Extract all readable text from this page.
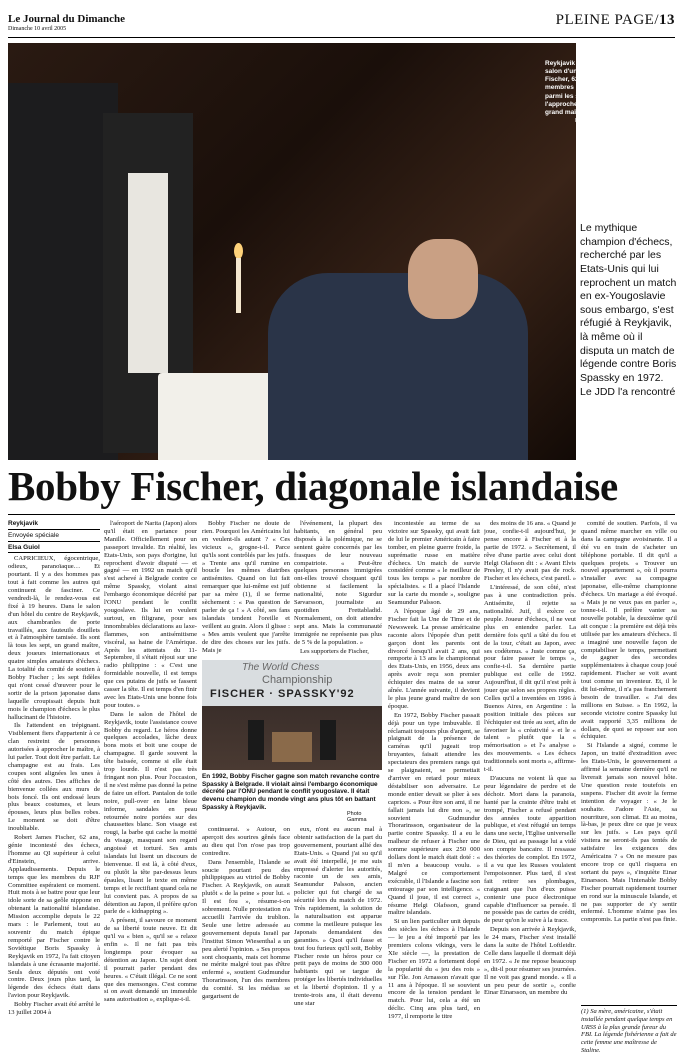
Le Journal du Dimanche
Dimanche 10 avril 2005
PLEINE PAGE/13
Reykjavik (Islande), le 2 avril. Dans le salon d'un hôtel du centre-ville, Bobby Fischer, 62 ans, et quelques-uns des membres de son comité de soutien, parmi les seules personnes à pouvoir l'approcher. Au centre, Helgi Olafsson, grand maître islandais.
Photo Eric Dessons/JDD
Le mythique champion d'échecs, recherché par les Etats-Unis qui lui reprochent un match en ex-Yougoslavie sous embargo, s'est réfugié à Reykjavik, là même où il disputa un match de légende contre Boris Spassky en 1972. Le JDD l'a rencontré
Bobby Fischer, diagonale islandaise
Reykjavik
Envoyée spéciale
Elsa Guiol

CAPRICIEUX, égocentrique, odieux, paranoïaque… Et pourtant. Il y a des hommes pas tout à fait comme les autres qui continuent de fasciner. Ce vendredi-là, le rendez-vous est fixé à 19 heures. Dans le salon d'un hôtel du centre de Reykjavik, aux chambranles de porte travaillés, aux fauteuils douillets et à l'atmosphère tamisée. Ils sont là tous les sept, un grand maître, deux joueurs internationaux et quatre simples amateurs d'échecs. La totalité du comité de soutien à Bobby Fischer ; les sept fidèles qui n'ont cessé d'œuvrer pour le sortir de la prison japonaise dans laquelle croupissait depuis huit mois le champion d'échecs le plus hallucinant de l'histoire.

Ils l'attendent en trépignant. Visiblement fiers d'appartenir à ce clan restreint de personnes autorisées à approcher le maître, à lui parler. Tout doit être parfait. Le champagne est au frais. Les coupes sont alignées les unes à côté des autres. Des affiches de bienvenue collées aux murs de bois foncé. Ils ont endossé leurs plus beaux costumes, et leurs épouses, leurs plus belles robes. Le moment se doit d'être inoubliable.

Robert James Fischer, 62 ans, génie incontesté des échecs, l'homme au QI supérieur à celui d'Einstein, arrive. Applaudissements. Depuis le temps que les membres du RJF Committee espéraient ce moment. Huit mois à se battre pour que leur idole sorte de sa geôle nippone en obtenant la nationalité islandaise. Mission accomplie depuis le 22 mars : le Parlement, tout au souvenir du match épique remporté par Fischer contre le Soviétique Boris Spassky à Reykjavik en 1972, l'a fait citoyen islandais à une écrasante majorité. Seuls deux députés ont voté contre. Deux jours plus tard, la légende des échecs était dans l'avion pour Reykjavik.

Bobby Fischer avait été arrêté le 13 juillet 2004 à

l'aéroport de Narita (Japon) alors qu'il était en partance pour Manille. Officiellement pour un passeport invalide. En réalité, les Etats-Unis, son pays d'origine, lui reprochent d'avoir disputé — et gagné — en 1992 un match qu'il s'est achevé à Belgrade contre ce même Spassky, violant ainsi l'embargo économique décrété par l'ONU pendant le conflit yougoslave. Ils lui en veulent surtout, en filigrane, pour ses innombrables déclarations au laxe-flammes, son antisémitisme viscéral, sa haine de l'Amérique. Après les attentats du 11-Septembre, il s'était réjoui sur une radio philippine : « C'est une formidable nouvelle, il est temps que ces putains de juifs se fassent casser la tête. Il est temps d'en finir avec les Etats-Unis une bonne fois pour toutes. »

Dans le salon de l'hôtel de Reykjavik, toute l'assistance couve Bobby du regard. Le héros donne quelques accolades, lâche deux bons mots et boit une coupe de champagne. Il garde souvent la tête baissée, comme si elle était trop lourde. Il n'est pas très fringant non plus. Pour l'occasion, il ne s'est même pas donné la peine de faire un effort. Pantalon de toile noire, pull-over en laine bleue informe, sandales en peau retournée noire portées sur des chaussettes blanc. Son visage est rougi, la barbe qui cache la moitié du visage, masquant son regard angoissé et torturé. Ses amis islandais lui lisent un discours de bienvenue. Il est là, à côté d'eux, ou plutôt la tête par-dessus leurs épaules, lisant le texte en même temps et le rectifiant quand cela ne lui convient pas. A propos de sa détention au Japon, il préfère qu'on parle de « kidnapping ».

A présent, il savoure ce moment de sa liberté toute neuve. Et dit qu'il va « bien », qu'il se « relaxe enfin ». Il ne fait pas très longtemps pour évoquer sa détention au Japon. Un sujet dont il pourrait parler pendant des heures. « C'était illégal. Ce ne sont que des mensonges. C'est comme si on avait demandé un immeuble sans autorisation », explique-t-il.

Bobby Fischer ne doute de rien. Pourquoi les Américains lui en veulent-ils autant ? « Ces vicieux », grogne-t-il. Parce qu'ils sont contrôlés par les juifs. » Trente ans qu'il rumine en boucle les mêmes diatribes antisémites. Quand on lui fait remarquer que lui-même est juif par sa mère (1), il se ferme sèchement : « Pas question de parler de ça ! » A côté, ses fans islandais tendent l'oreille et veillent au grain. Alors il glisse : « Mes amis veulent que j'arrête de dire des choses sur les juifs. Mais je

continuerai. » Autour, on aperçoit des sourires gênés face au dieu qui l'on n'ose pas trop contredire.

Dans l'ensemble, l'Islande se soucie pourtant peu des philippiques au vitriol de Bobby Fischer. A Reykjavik, on aurait plutôt « de la peine » pour lui. « Il est fou », résume-t-on sobrement. Nulle protestation n'a accueilli l'arrivée du trublion. Seule une lettre adressée au gouvernement depuis Israël par l'institut Simon Wiesenthal a un peu alerté l'opinion. « Ses propos sont choquants, mais cet homme ne mérite malgré tout pas d'être enfermé », soutient Gudmundur Thorarinsson, l'un des membres du comité. Si les médias se gargarisent de

l'événement, la plupart des habitants, en général peu disposés à la polémique, ne se sentent guère concernés par les frasques de leur nouveau compatriote. « Peut-être quelques personnes immigrées ont-elles trouvé choquant qu'il obtienne si facilement la nationalité, note Sigurdur Sævarsson, journaliste au quotidien Frettabladid. Normalement, on doit attendre sept ans. Mais la communauté immigrée ne représente pas plus de 5 % de la population. »

Les supporters de Fischer,

eux, n'ont eu aucun mal à obtenir satisfaction de la part du gouvernement, pourtant allié des Etats-Unis. « Quand j'ai su qu'il avait été interpellé, je me suis empressé d'alerter les autorités, raconte un de ses amis, Seamundur Palsson, ancien policier qui fut chargé de sa sécurité lors du match de 1972. Très rapidement, la solution de la naturalisation est apparue comme la meilleure puisque les Japonais demandaient des garanties. » Quoi qu'il fasse et tout fou furieux qu'il soit, Bobby Fischer reste un héros pour ce petit pays de moins de 300 000 habitants qui se targue de protéger les libertés individuelles et la liberté d'opinion. Il y a trente-trois ans, il était devenu une star

The World Chess
Championship
FISCHER · SPASSKY'92
En 1992, Bobby Fischer gagne son match revanche contre Spassky à Belgrade. Il violait ainsi l'embargo économique décrété par l'ONU pendant le conflit yougoslave. Il était devenu champion du monde vingt ans plus tôt en battant Spassky à Reykjavik.
Photo Gamma

incontestée au terme de sa victoire sur Spassky, qui avait fait de lui le premier Américain à faire tomber, en pleine guerre froide, la suprématie russe en matière d'échecs. Un match de survie considéré comme « le meilleur de tous les temps » par nombre de spécialistes. « Il a placé l'Islande sur la carte du monde », souligne Seamundur Palsson.

A l'époque âgé de 29 ans, Fischer fait la Une de Time et de Newsweek. La presse américaine raconte alors l'épopée d'un petit garçon dont les parents ont divorcé lorsqu'il avait 2 ans, qui remporte à 13 ans le championnat des Etats-Unis, en 1956, deux ans après avoir reçu son premier échiquier des mains de sa sœur aînée. L'année suivante, il devient le plus jeune grand maître de son époque.

En 1972, Bobby Fischer passait déjà pour un type imbuvable. Il réclamait toujours plus d'argent, se plaignait de la présence de caméras qu'il jugeait trop bruyantes, faisait attendre les spectateurs des premiers rangs qui se plaignaient, se permettait d'arriver en retard pour mieux déstabiliser son adversaire. Le monde entier devait se plier à ses caprices. « Pour être son ami, il ne fallait jamais lui dire non », se souvient Gudmundur Thorarinsson, organisateur de la partie contre Spassky. Il a eu le malheur de refuser à Fischer une somme supérieure aux 250 000 dollars dont le match était doté : « Il m'en a beaucoup voulu. » Malgré ce comportement exécrable, il l'Islande a fascine son entourage par son intelligence. « Quand il joue, il est correct », résume Helgi Olafsson, grand maître islandais.

Si un lien particulier unit depuis des siècles les échecs à l'Islande — le jeu a été importé par les premiers colons vikings, vers le XIe siècle —, la prestation de Fischer en 1972 a fortement dopé la popularité du « jeu des rois » sur l'île. Jon Arnasson n'avait que 11 ans à l'époque. Il se souvient encore de la tension pendant le match. Pour lui, cela a été un déclic. Cinq ans plus tard, en 1977, il remporte le titre

des moins de 16 ans. « Quand je joue, confie-t-il aujourd'hui, je pense encore à Fischer et à la partie de 1972. » Secrètement, il rêve d'une partie avec celui dont Helgi Olafsson dit : « Avant Elvis Presley, il n'y avait pas de rock. Fischer et les échecs, c'est pareil. »

L'intéressé, de son côté, n'est pas à une contradiction près. Antisémite, il rejette sa nationalité. Juif, il exècre ce peuple. Joueur d'échecs, il ne veut plus en entendre parler. La dernière fois qu'il a tâté du fou et de la tour, c'était au Japon, avec ses codétenus. « Juste comme ça, pour faire passer le temps », confie-t-il. Sa dernière partie publique est celle de 1992. Aujourd'hui, il dit qu'il n'est prêt à jouer que selon ses propres règles. Celles qu'il a inventées en 1996 à Buenos Aires, en Argentine : la position initiale des pièces sur l'échiquier est tirée au sort, afin de favoriser la « créativité » et le « talent » plutôt que la « mémorisation » et l'« analyse » des mouvements. « Les échecs traditionnels sont morts », affirme-t-il.

D'aucuns ne voient là que sa peur légendaire de perdre et de déchoir. Mort dans la paranoïa, hanté par la crainte d'être trahi et trompé, Fischer a refusé pendant des années toute apparition publique, et s'est réfugié un temps dans une secte, l'Eglise universelle de Dieu, qui au passage lui a vidé son compte bancaire. Il ressasse des théories de complot. En 1972, il a vu que les Russes voulaient l'empoisonner. Plus tard, il s'est fait retirer ses plombages, craignant que l'un d'eux puisse contenir une puce électronique capable d'influencer sa pensée. Il ne possède pas de cartes de crédit, de peur qu'on le suive à la trace.

Depuis son arrivée à Reykjavik, le 24 mars, Fischer s'est installé dans la suite de l'hôtel Loftleidir. Celle dans laquelle il dormait déjà en 1972. « Je me repose beaucoup », dit-il pour résumer ses journées. Il ne voit pas grand monde. « Il a un peu peur de sortir », confie Einar Einarsson, un membre du

comité de soutien. Parfois, il va quand même marcher en ville ou dans la campagne avoisinante. Il a été vu en train de s'acheter un téléphone portable. Il dit qu'il a quelques projets. « Trouver un nouvel appartement », où il pourra s'installer avec sa compagne japonaise, elle-même championne d'échecs. Un mariage a été évoqué. « Mais je ne veux pas en parler », tonne-t-il. Il préfère vanter sa nouvelle potable, la deuxième qu'il ait conçue : la première est déjà très utilisée par les amateurs d'échecs. Il a imaginé une nouvelle façon de comptabiliser le temps, permettant de gagner des secondes supplémentaires à chaque coup joué rapidement. Fischer se voit avant tout comme un inventeur. Et, il le dit lui-même, il n'a pas franchement besoin de travailler. « J'ai des millions en Suisse. » En 1992, la seconde victoire contre Spassky lui avait rapporté 3,35 millions de dollars, de quoi se reposer sur son échiquier.

Si l'Islande a signé, comme le Japon, un traité d'extradition avec les Etats-Unis, le gouvernement a affirmé la semaine dernière qu'il ne livrerait jamais son nouvel hôte. Une question reste toutefois en suspens. Fischer dit avoir la ferme intention de voyager : « Je le souhaite. J'adore l'Asie, sa nourriture, son climat. Et au moins, là-bas, je peux dire ce que je veux sur les juifs. » Les pays qu'il visitera ne seront-ils pas tentés de satisfaire les exigences des Américains ? « On ne mesure pas encore trop ce qu'il risquera en sortant du pays », s'inquiète Einar Einarsson. Mais l'intenable Bobby Fischer pourrait rapidement tourner en rond sur la minuscule Islande, et ne pas supporter de s'y sentir enfermé. L'homme n'aime pas les compromis. La partie n'est pas finie.

(1) Sa mère, américaine, s'était installée pendant quelque temps en URSS à la plus grande fureur du FBI. La légende fishérienne a fait de cette femme une maîtresse de Staline.
